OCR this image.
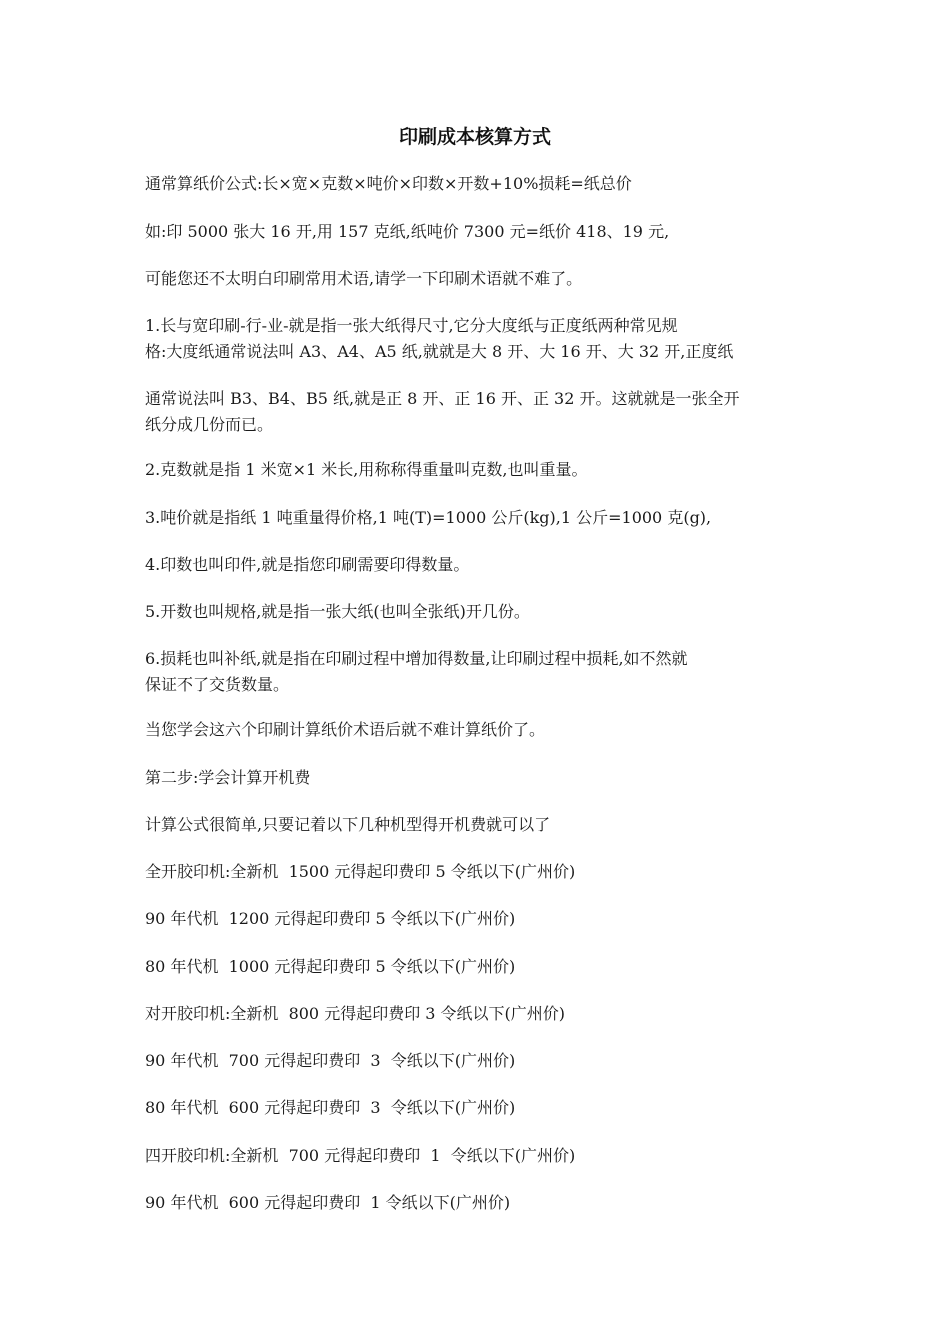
印刷成本核算方式
通常算纸价公式:长×宽×克数×吨价×印数×开数+10%损耗=纸总价
如:印 5000 张大 16 开,用 157 克纸,纸吨价 7300 元=纸价 418、19 元,
可能您还不太明白印刷常用术语,请学一下印刷术语就不难了。
1.长与宽印刷-行-业-就是指一张大纸得尺寸,它分大度纸与正度纸两种常见规
格:大度纸通常说法叫 A3、A4、A5 纸,就就是大 8 开、大 16 开、大 32 开,正度纸
通常说法叫 B3、B4、B5 纸,就是正 8 开、正 16 开、正 32 开。这就就是一张全开
纸分成几份而已。
2.克数就是指 1 米宽×1 米长,用称称得重量叫克数,也叫重量。
3.吨价就是指纸 1 吨重量得价格,1 吨(T)=1000 公斤(kg),1 公斤=1000 克(g),
4.印数也叫印件,就是指您印刷需要印得数量。
5.开数也叫规格,就是指一张大纸(也叫全张纸)开几份。
6.损耗也叫补纸,就是指在印刷过程中增加得数量,让印刷过程中损耗,如不然就
保证不了交货数量。
当您学会这六个印刷计算纸价术语后就不难计算纸价了。
第二步:学会计算开机费
计算公式很简单,只要记着以下几种机型得开机费就可以了
全开胶印机:全新机  1500 元得起印费印 5 令纸以下(广州价)
90 年代机  1200 元得起印费印 5 令纸以下(广州价)
80 年代机  1000 元得起印费印 5 令纸以下(广州价)
对开胶印机:全新机  800 元得起印费印 3 令纸以下(广州价)
90 年代机  700 元得起印费印  3  令纸以下(广州价)
80 年代机  600 元得起印费印  3  令纸以下(广州价)
四开胶印机:全新机  700 元得起印费印  1  令纸以下(广州价)
90 年代机  600 元得起印费印  1 令纸以下(广州价)
